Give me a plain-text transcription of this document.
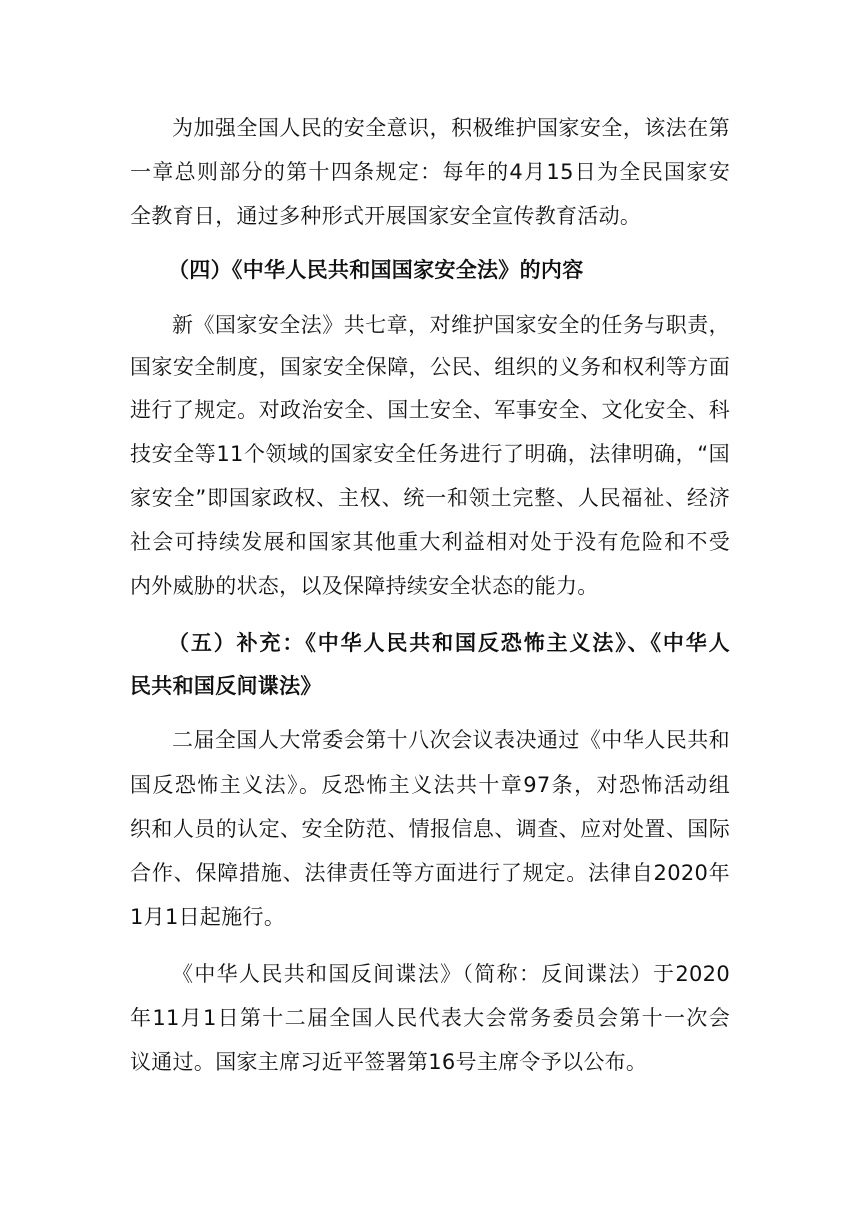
为加强全国人民的安全意识，积极维护国家安全，该法在第
一章总则部分的第十四条规定：每年的4月15日为全民国家安
全教育日，通过多种形式开展国家安全宣传教育活动。
（四）《中华人民共和国国家安全法》的内容
新《国家安全法》共七章，对维护国家安全的任务与职责，
国家安全制度，国家安全保障，公民、组织的义务和权利等方面
进行了规定。对政治安全、国土安全、军事安全、文化安全、科
技安全等11个领域的国家安全任务进行了明确，法律明确，“国
家安全”即国家政权、主权、统一和领土完整、人民福祉、经济
社会可持续发展和国家其他重大利益相对处于没有危险和不受
内外威胁的状态，以及保障持续安全状态的能力。
（五）补充：《中华人民共和国反恐怖主义法》、《中华人
民共和国反间谍法》
二届全国人大常委会第十八次会议表决通过《中华人民共和
国反恐怖主义法》。反恐怖主义法共十章97条，对恐怖活动组
织和人员的认定、安全防范、情报信息、调查、应对处置、国际
合作、保障措施、法律责任等方面进行了规定。法律自2020年
1月1日起施行。
《中华人民共和国反间谍法》（简称：反间谍法）于2020
年11月1日第十二届全国人民代表大会常务委员会第十一次会
议通过。国家主席习近平签署第16号主席令予以公布。
